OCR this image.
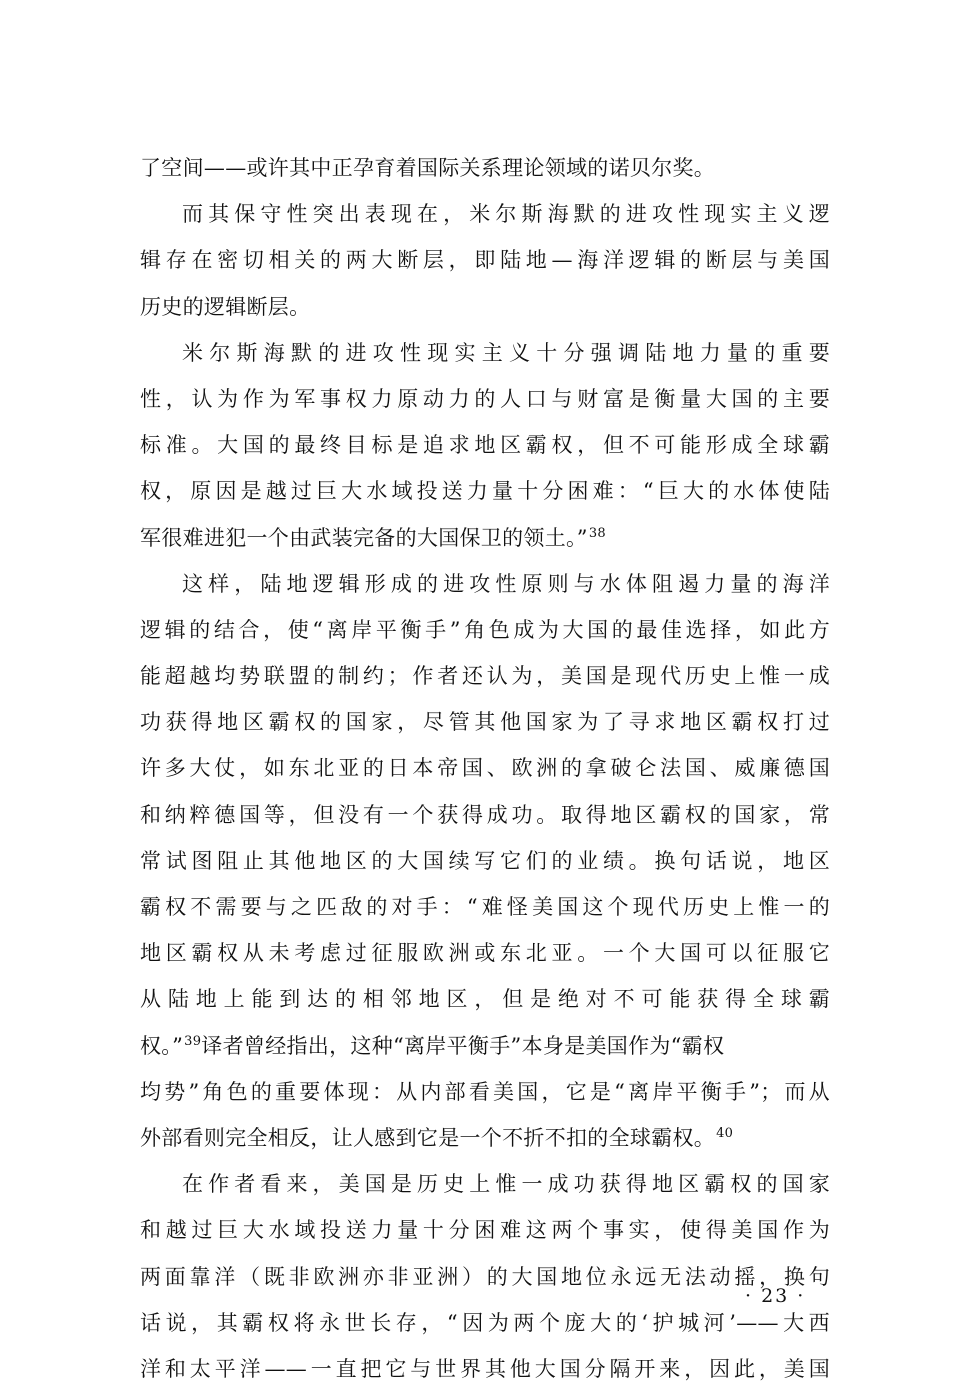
了空间——或许其中正孕育着国际关系理论领域的诺贝尔奖。
而其保守性突出表现在，米尔斯海默的进攻性现实主义逻
辑存在密切相关的两大断层，即陆地—海洋逻辑的断层与美国
历史的逻辑断层。
米尔斯海默的进攻性现实主义十分强调陆地力量的重要
性，认为作为军事权力原动力的人口与财富是衡量大国的主要
标准。大国的最终目标是追求地区霸权，但不可能形成全球霸
权，原因是越过巨大水域投送力量十分困难：“巨大的水体使陆
军很难进犯一个由武装完备的大国保卫的领土。”$^{38}$
这样，陆地逻辑形成的进攻性原则与水体阻遏力量的海洋
逻辑的结合，使“离岸平衡手”角色成为大国的最佳选择，如此方
能超越均势联盟的制约；作者还认为，美国是现代历史上惟一成
功获得地区霸权的国家，尽管其他国家为了寻求地区霸权打过
许多大仗，如东北亚的日本帝国、欧洲的拿破仑法国、威廉德国
和纳粹德国等，但没有一个获得成功。取得地区霸权的国家，常
常试图阻止其他地区的大国续写它们的业绩。换句话说，地区
霸权不需要与之匹敌的对手：“难怪美国这个现代历史上惟一的
地区霸权从未考虑过征服欧洲或东北亚。一个大国可以征服它
从陆地上能到达的相邻地区，但是绝对不可能获得全球霸
权。”$^{39}$译者曾经指出，这种“离岸平衡手”本身是美国作为“霸权
均势”角色的重要体现：从内部看美国，它是“离岸平衡手”；而从
外部看则完全相反，让人感到它是一个不折不扣的全球霸权。$^{40}$
在作者看来，美国是历史上惟一成功获得地区霸权的国家
和越过巨大水域投送力量十分困难这两个事实，使得美国作为
两面靠洋（既非欧洲亦非亚洲）的大国地位永远无法动摇，换句
话说，其霸权将永世长存，“因为两个庞大的‘护城河’——大西
洋和太平洋——一直把它与世界其他大国分隔开来，因此，美国
· 23 ·
